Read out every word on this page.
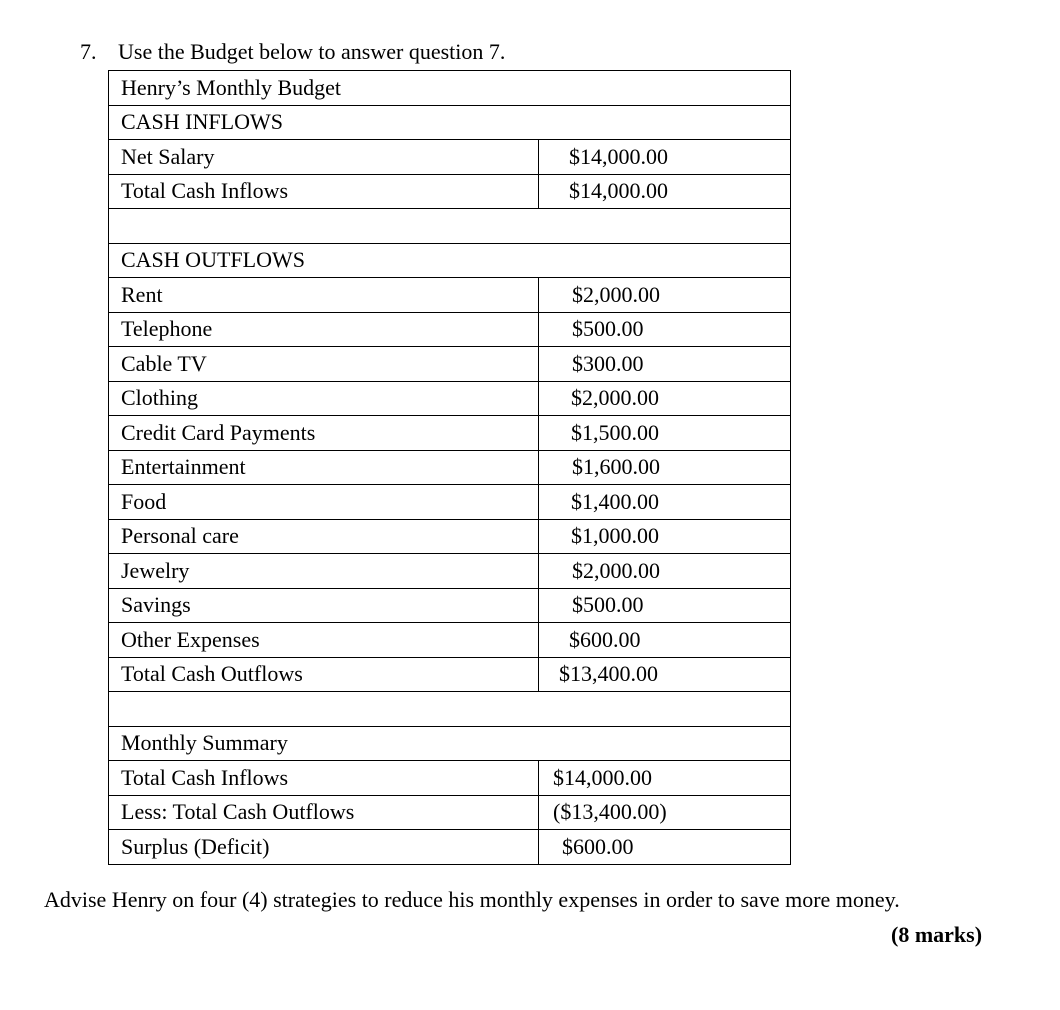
7. Use the Budget below to answer question 7.
Henry’s Monthly Budget	
CASH INFLOWS	
Net Salary	$14,000.00
Total Cash Inflows	$14,000.00

CASH OUTFLOWS	
Rent	$2,000.00
Telephone	$500.00
Cable TV	$300.00
Clothing	$2,000.00
Credit Card Payments	$1,500.00
Entertainment	$1,600.00
Food	$1,400.00
Personal care	$1,000.00
Jewelry	$2,000.00
Savings	$500.00
Other Expenses	$600.00
Total Cash Outflows	$13,400.00

Monthly Summary	
Total Cash Inflows	$14,000.00
Less: Total Cash Outflows	($13,400.00)
Surplus (Deficit)	$600.00
Advise Henry on four (4) strategies to reduce his monthly expenses in order to save more money.
(8 marks)
